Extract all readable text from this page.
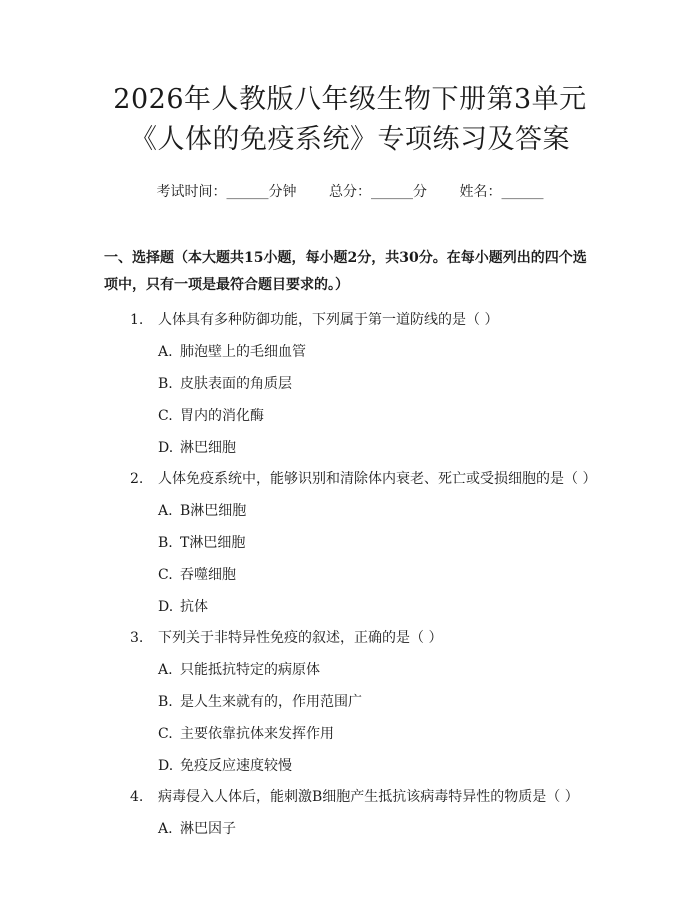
2026年人教版八年级生物下册第3单元《人体的免疫系统》专项练习及答案
考试时间：______分钟 总分：______分 姓名：______
一、选择题（本大题共15小题，每小题2分，共30分。在每小题列出的四个选项中，只有一项是最符合题目要求的。）
1.	人体具有多种防御功能，下列属于第一道防线的是（ ）
A. 肺泡壁上的毛细血管
B. 皮肤表面的角质层
C. 胃内的消化酶
D. 淋巴细胞
2.	人体免疫系统中，能够识别和清除体内衰老、死亡或受损细胞的是（ ）
A. B淋巴细胞
B. T淋巴细胞
C. 吞噬细胞
D. 抗体
3.	下列关于非特异性免疫的叙述，正确的是（ ）
A. 只能抵抗特定的病原体
B. 是人生来就有的，作用范围广
C. 主要依靠抗体来发挥作用
D. 免疫反应速度较慢
4.	病毒侵入人体后，能刺激B细胞产生抵抗该病毒特异性的物质是（ ）
A. 淋巴因子
